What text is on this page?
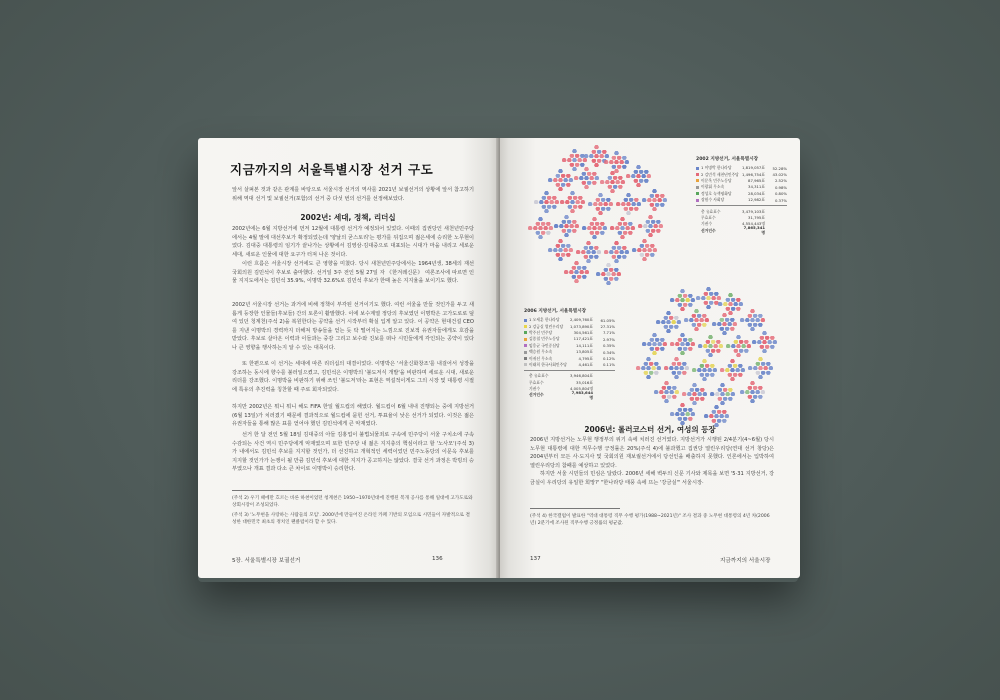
지금까지의 서울특별시장 선거 구도
앞서 살펴본 것과 같은 관계를 바탕으로 서울시장 선거의 역사를 2021년 보궐선거의 상황에 앞서 참고하기 위해 역대 선거 및 보궐선거(포함)의 선거 중 다섯 번의 선거를 선정해보았다.
2002년: 세대, 정책, 리더십
2002년에는 6월 지방선거에 먼저 12월에 대통령 선거가 예정되어 있었다. 이때의 집권당인 새천년민주당에서는 4월 말에 대선후보가 확정되었는데 '양날의 굳스토리'는 평가를 뒤집으며 젊은세에 승리한 노무현이었다. 김대중 대통령의 임기가 끝나가는 상황에서 김영삼·김대중으로 대표되는 시대가 마을 내리고 세로운 세대, 새로운 인물에 대한 요구가 터져 나온 것이다.
이런 흐름은 서울시장 선거에도 큰 영향을 미쳤다. 당시 새천년민주당에서는 1964년생, 38세의 재선 국회의원 김민석이 후보로 출마했다. 선거일 3주 전인 5월 27일 자 《한겨레신문》 여론조사에 따르면 인물 지지도에서는 김민석 35.9%, 이명박 32.6%로 김민석 후보가 한때 높은 지지율을 보이기도 했다.
2002년 서울시장 선거는 과거에 비해 정책이 부각된 선거이기도 했다. 여런 서울을 만들 것인가를 두고 새롭게 등장한 인물들(후보들) 간의 토론이 활발했다. 이에 보수계열 정당의 후보였던 이명박은 고가도로로 덮여 있던 청계천(주석 2)을 복원한다는 공약을 선거 시작부터 확실 입게 알고 있다. 이 공약은 현대건설 CEO를 지낸 이명박의 경력까지 더해져 방송들을 얻는 듯 탁 떨어지는 느낌으로 진보적 유권자들에게도 호감을 받았다. 후보로 살아온 이력과 이들과는 중감 그리고 보수와 진보를 떠나 시민들에게 각인되는 공약이 있다나 큰 영향을 행사하는지 알 수 있는 대목이다.
또 한편으로 이 선거는 세대에 따른 리더십의 대결이었다. 이명박은 '서울신화창조'를 내걸어서 성장을 강조하는 동시에 향수를 불러일으켰고, 김민석은 이명박의 '불도저식 개발'을 비판하며 세로운 시대, 새로운 리더를 강조했다. 이명박을 비판하기 위해 쓰인 '불도저'라는 표현은 역설적이게도 그의 시장 및 대통령 시절에 특유의 추진력을 칭찬할 때 주로 회자되었다.
하지만 2002년은 뭐니 뭐니 해도 FIFA 한일 월드컵의 해였다. 월드컵이 6월 내내 진행되는 중에 지방선거(6월 13일)가 치러졌기 때문에 결과적으로 월드컵에 묻힌 선거, 투표율이 낮은 선거가 되었다. 이것은 젊은 유권자들을 통해 많은 표를 얻어야 했던 김민석에게 큰 악재였다.
선거 한 달 전인 5월 18일 김대중의 아들 김홍업이 불법뇌물죄로 구속에 민주당이 서울 구치소에 구속 수감되는 사건 역시 민주당에게 악재였으며 또한 민주당 내 젊은 지지층의 핵심이라고 할 '노사모'(주석 3)가 내에서도 김민석 후보를 지지할 것인가, 더 선진하고 개혁적인 세력이었던 민주노동당의 이문옥 후보를 지지할 것인가가 논쟁이 될 만큼 김민석 후보에 대한 지지가 공고하지는 않았다. 결국 선거 과정은 박빙의 승부였으나 개표 결과 다소 큰 차이로 이명박이 승리한다.
(주석 2) 우기 때에만 흐르는 바른 하천이었던 청계천은 1950~1970년대에 진행된 복개 공사를 통해 일대에 고가도로와 상회시장이 조성되었다.
(주석 3) '노무현을 사랑하는 사람들의 모임'. 2000년에 만들어진 온라인 카페 기반의 모임으로 시민들이 자발적으로 결성한 대한민국 최초의 정치인 팬클럽이라 할 수 있다.
5장. 서울특별시장 보궐선거	136
2002 지방선거, 서울특별시장
1 이명박 한나라당	1,819,057표	52.28%
2 김민석 새천년민주당 1,496,754표	43.02%
이문옥 민주노동당	87,965표	2.52%
이광휘 무소속	34,311표	0.98%
정성호 녹색평화당	28,034표	0.80%
장원수 사회당	12,982표	0.37%
총 유효표수	3,479,103표
무효표수	31,795표
기권수	4,554,443명
선거인수	7,865,341명
2006 지방선거, 서울특별시장
1 오세훈 한나라당	2,409,760표	61.05%
2 강금실 열린우리당	1,073,890표	27.31%
박주선 민주당	304,561표	7.71%
김종철 민주노동당	117,421표	2.97%
임웅균 국민중심당	14,111표	0.35%
백승원 무소속	13,805표	0.34%
이귀선 무소속	4,795표	0.12%
이태희 한국사회민주당	4,461표	0.11%
총 유효표수	3,946,804표
무효표수	35,016표
기권수	4,005,804명
선거인수	7,983,644명
2006년: 롤러코스터 선거, 여성의 등장
2006년 지방선거는 노무현 행정부의 위기 속에 치러진 선거였다. 지방선거가 시행된 2/4분기(4~6월) 당시 노무현 대통령에 대한 직무수행 긍정률은 20%(주석 4)에 불과했고 집권당 열린우리당(연대 선거 창당)은 2004년부터 모든 사·도지사 및 국회의원 재보궐선거에서 당선인을 배출하지 못했다. 인론에서는 입박하여 열린우리당의 참패를 예상하고 있었다.
하지만 서울 시민들의 민심은 달랐다. 2006년 세해 벽두의 신문 기사와 제목을 보면 '5·31 지방선거, 강금실이 우리당의 유일한 희망?' "한나라당 태풍 속에 뜨는 '강금실'" 서울시장·
(주석 4) 한국갤럽이 발표한 "역대 대통령 직무 수행 평가(1988~2021년)" 조사 결과 중 노무현 대통령의 4년 차(2006년) 2분기에 조사된 직무수행 긍정률의 평균값.
137	지금까지의 서울시장
